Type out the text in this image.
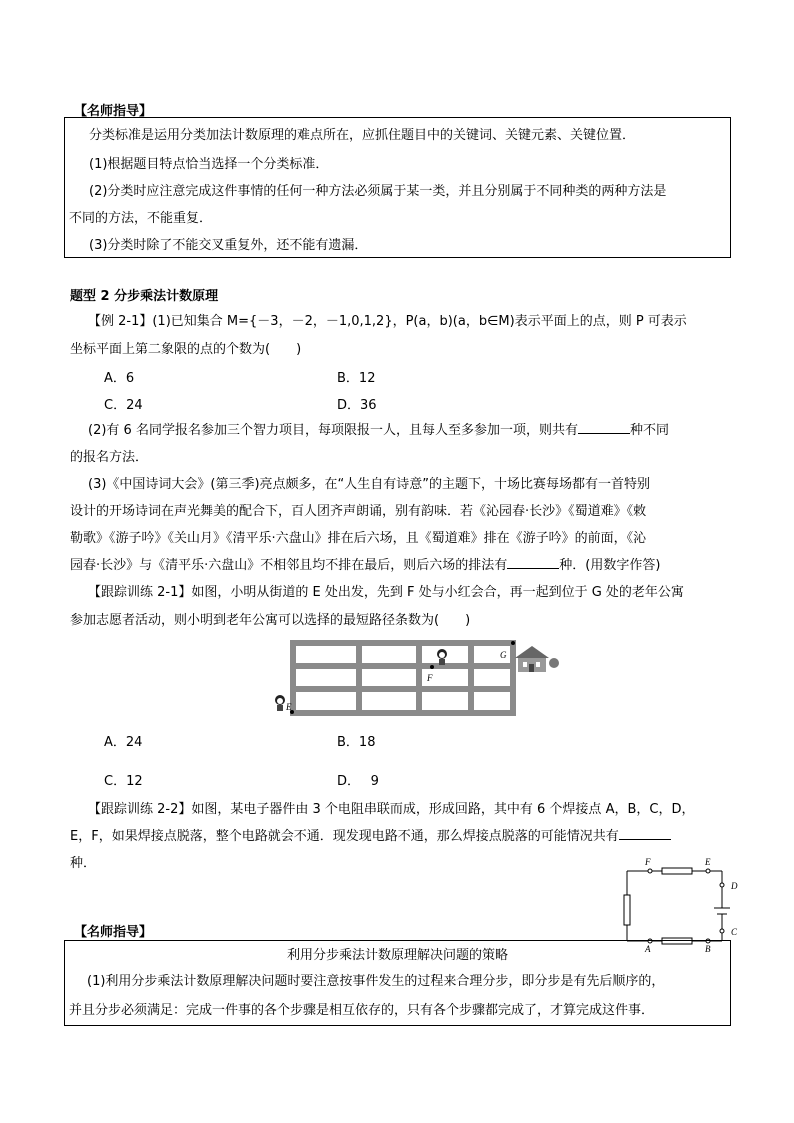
【名师指导】
分类标准是运用分类加法计数原理的难点所在，应抓住题目中的关键词、关键元素、关键位置．
(1)根据题目特点恰当选择一个分类标准．
(2)分类时应注意完成这件事情的任何一种方法必须属于某一类，并且分别属于不同种类的两种方法是
不同的方法，不能重复．
(3)分类时除了不能交叉重复外，还不能有遗漏．
题型 2 分步乘法计数原理
【例 2-1】(1)已知集合 M={－3，－2，－1,0,1,2}，P(a，b)(a，b∈M)表示平面上的点，则 P 可表示
坐标平面上第二象限的点的个数为(　　)
A．6	B．12
C．24	D．36
(2)有 6 名同学报名参加三个智力项目，每项限报一人，且每人至多参加一项，则共有	种不同
的报名方法．
(3)《中国诗词大会》(第三季)亮点颇多，在“人生自有诗意”的主题下，十场比赛每场都有一首特别
设计的开场诗词在声光舞美的配合下，百人团齐声朗诵，别有韵味．若《沁园春·长沙》《蜀道难》《敕
勒歌》《游子吟》《关山月》《清平乐·六盘山》排在后六场，且《蜀道难》排在《游子吟》的前面，《沁
园春·长沙》与《清平乐·六盘山》不相邻且均不排在最后，则后六场的排法有	种．(用数字作答)
【跟踪训练 2-1】如图，小明从街道的 E 处出发，先到 F 处与小红会合，再一起到位于 G 处的老年公寓
参加志愿者活动，则小明到老年公寓可以选择的最短路径条数为(　　)
E
F
G
A．24	B．18
C．12	D．　 9
【跟踪训练 2-2】如图，某电子器件由 3 个电阻串联而成，形成回路，其中有 6 个焊接点 A，B，C，D，
E，F，如果焊接点脱落，整个电路就会不通．现发现电路不通，那么焊接点脱落的可能情况共有
种．	F	E
D
C
B
A
【名师指导】
利用分步乘法计数原理解决问题的策略
(1)利用分步乘法计数原理解决问题时要注意按事件发生的过程来合理分步，即分步是有先后顺序的，
并且分步必须满足：完成一件事的各个步骤是相互依存的，只有各个步骤都完成了，才算完成这件事．
